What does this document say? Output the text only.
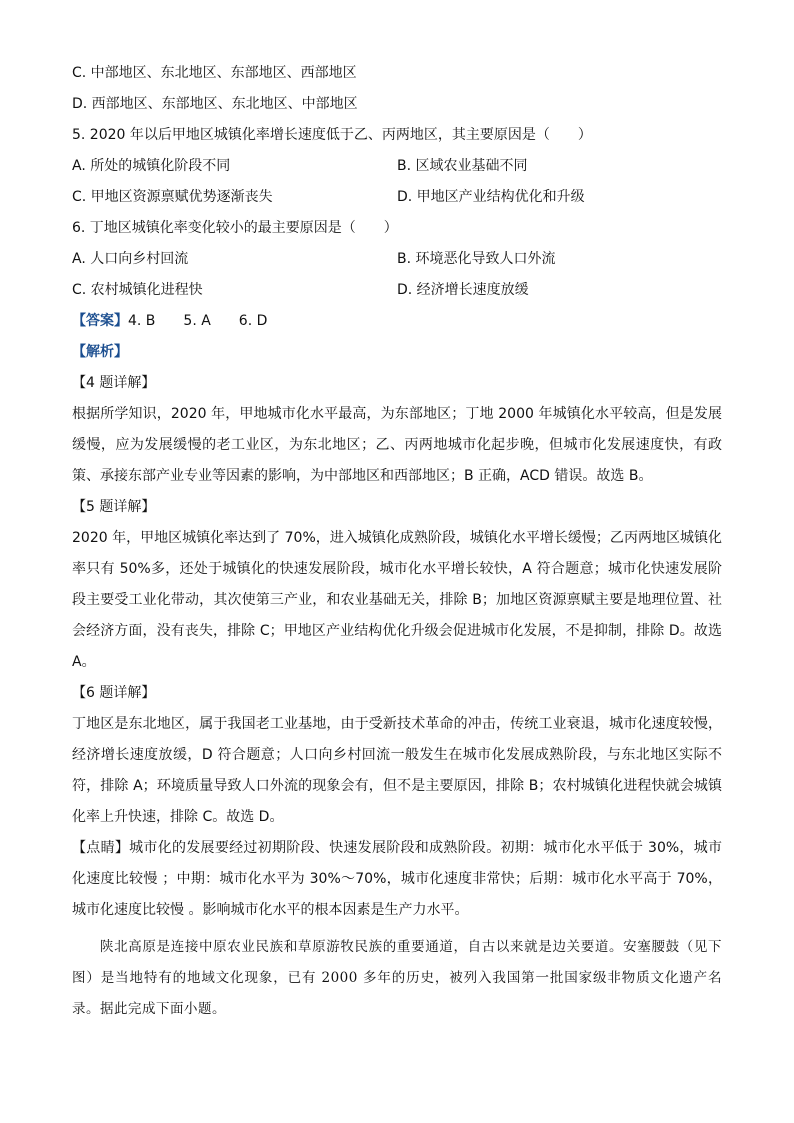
C. 中部地区、东北地区、东部地区、西部地区
D. 西部地区、东部地区、东北地区、中部地区
5. 2020 年以后甲地区城镇化率增长速度低于乙、丙两地区，其主要原因是（　　）
A. 所处的城镇化阶段不同	B. 区域农业基础不同
C. 甲地区资源禀赋优势逐渐丧失	D. 甲地区产业结构优化和升级
6. 丁地区城镇化率变化较小的最主要原因是（　　）
A. 人口向乡村回流	B. 环境恶化导致人口外流
C. 农村城镇化进程快	D. 经济增长速度放缓
【答案】4. B　　5. A　　6. D
【解析】
【4 题详解】
根据所学知识，2020 年，甲地城市化水平最高，为东部地区；丁地 2000 年城镇化水平较高，但是发展缓慢，应为发展缓慢的老工业区，为东北地区；乙、丙两地城市化起步晚，但城市化发展速度快，有政策、承接东部产业专业等因素的影响，为中部地区和西部地区；B 正确，ACD 错误。故选 B。
【5 题详解】
2020 年，甲地区城镇化率达到了 70%，进入城镇化成熟阶段，城镇化水平增长缓慢；乙丙两地区城镇化率只有 50%多，还处于城镇化的快速发展阶段，城市化水平增长较快，A 符合题意；城市化快速发展阶段主要受工业化带动，其次使第三产业，和农业基础无关，排除 B；加地区资源禀赋主要是地理位置、社会经济方面，没有丧失，排除 C；甲地区产业结构优化升级会促进城市化发展，不是抑制，排除 D。故选 A。
【6 题详解】
丁地区是东北地区，属于我国老工业基地，由于受新技术革命的冲击，传统工业衰退，城市化速度较慢，经济增长速度放缓，D 符合题意；人口向乡村回流一般发生在城市化发展成熟阶段，与东北地区实际不符，排除 A；环境质量导致人口外流的现象会有，但不是主要原因，排除 B；农村城镇化进程快就会城镇化率上升快速，排除 C。故选 D。
【点睛】城市化的发展要经过初期阶段、快速发展阶段和成熟阶段。初期：城市化水平低于 30%，城市化速度比较慢 ；中期：城市化水平为 30%～70%，城市化速度非常快；后期：城市化水平高于 70%，城市化速度比较慢 。影响城市化水平的根本因素是生产力水平。
陕北高原是连接中原农业民族和草原游牧民族的重要通道，自古以来就是边关要道。安塞腰鼓（见下图）是当地特有的地域文化现象，已有 2000 多年的历史，被列入我国第一批国家级非物质文化遗产名录。据此完成下面小题。
